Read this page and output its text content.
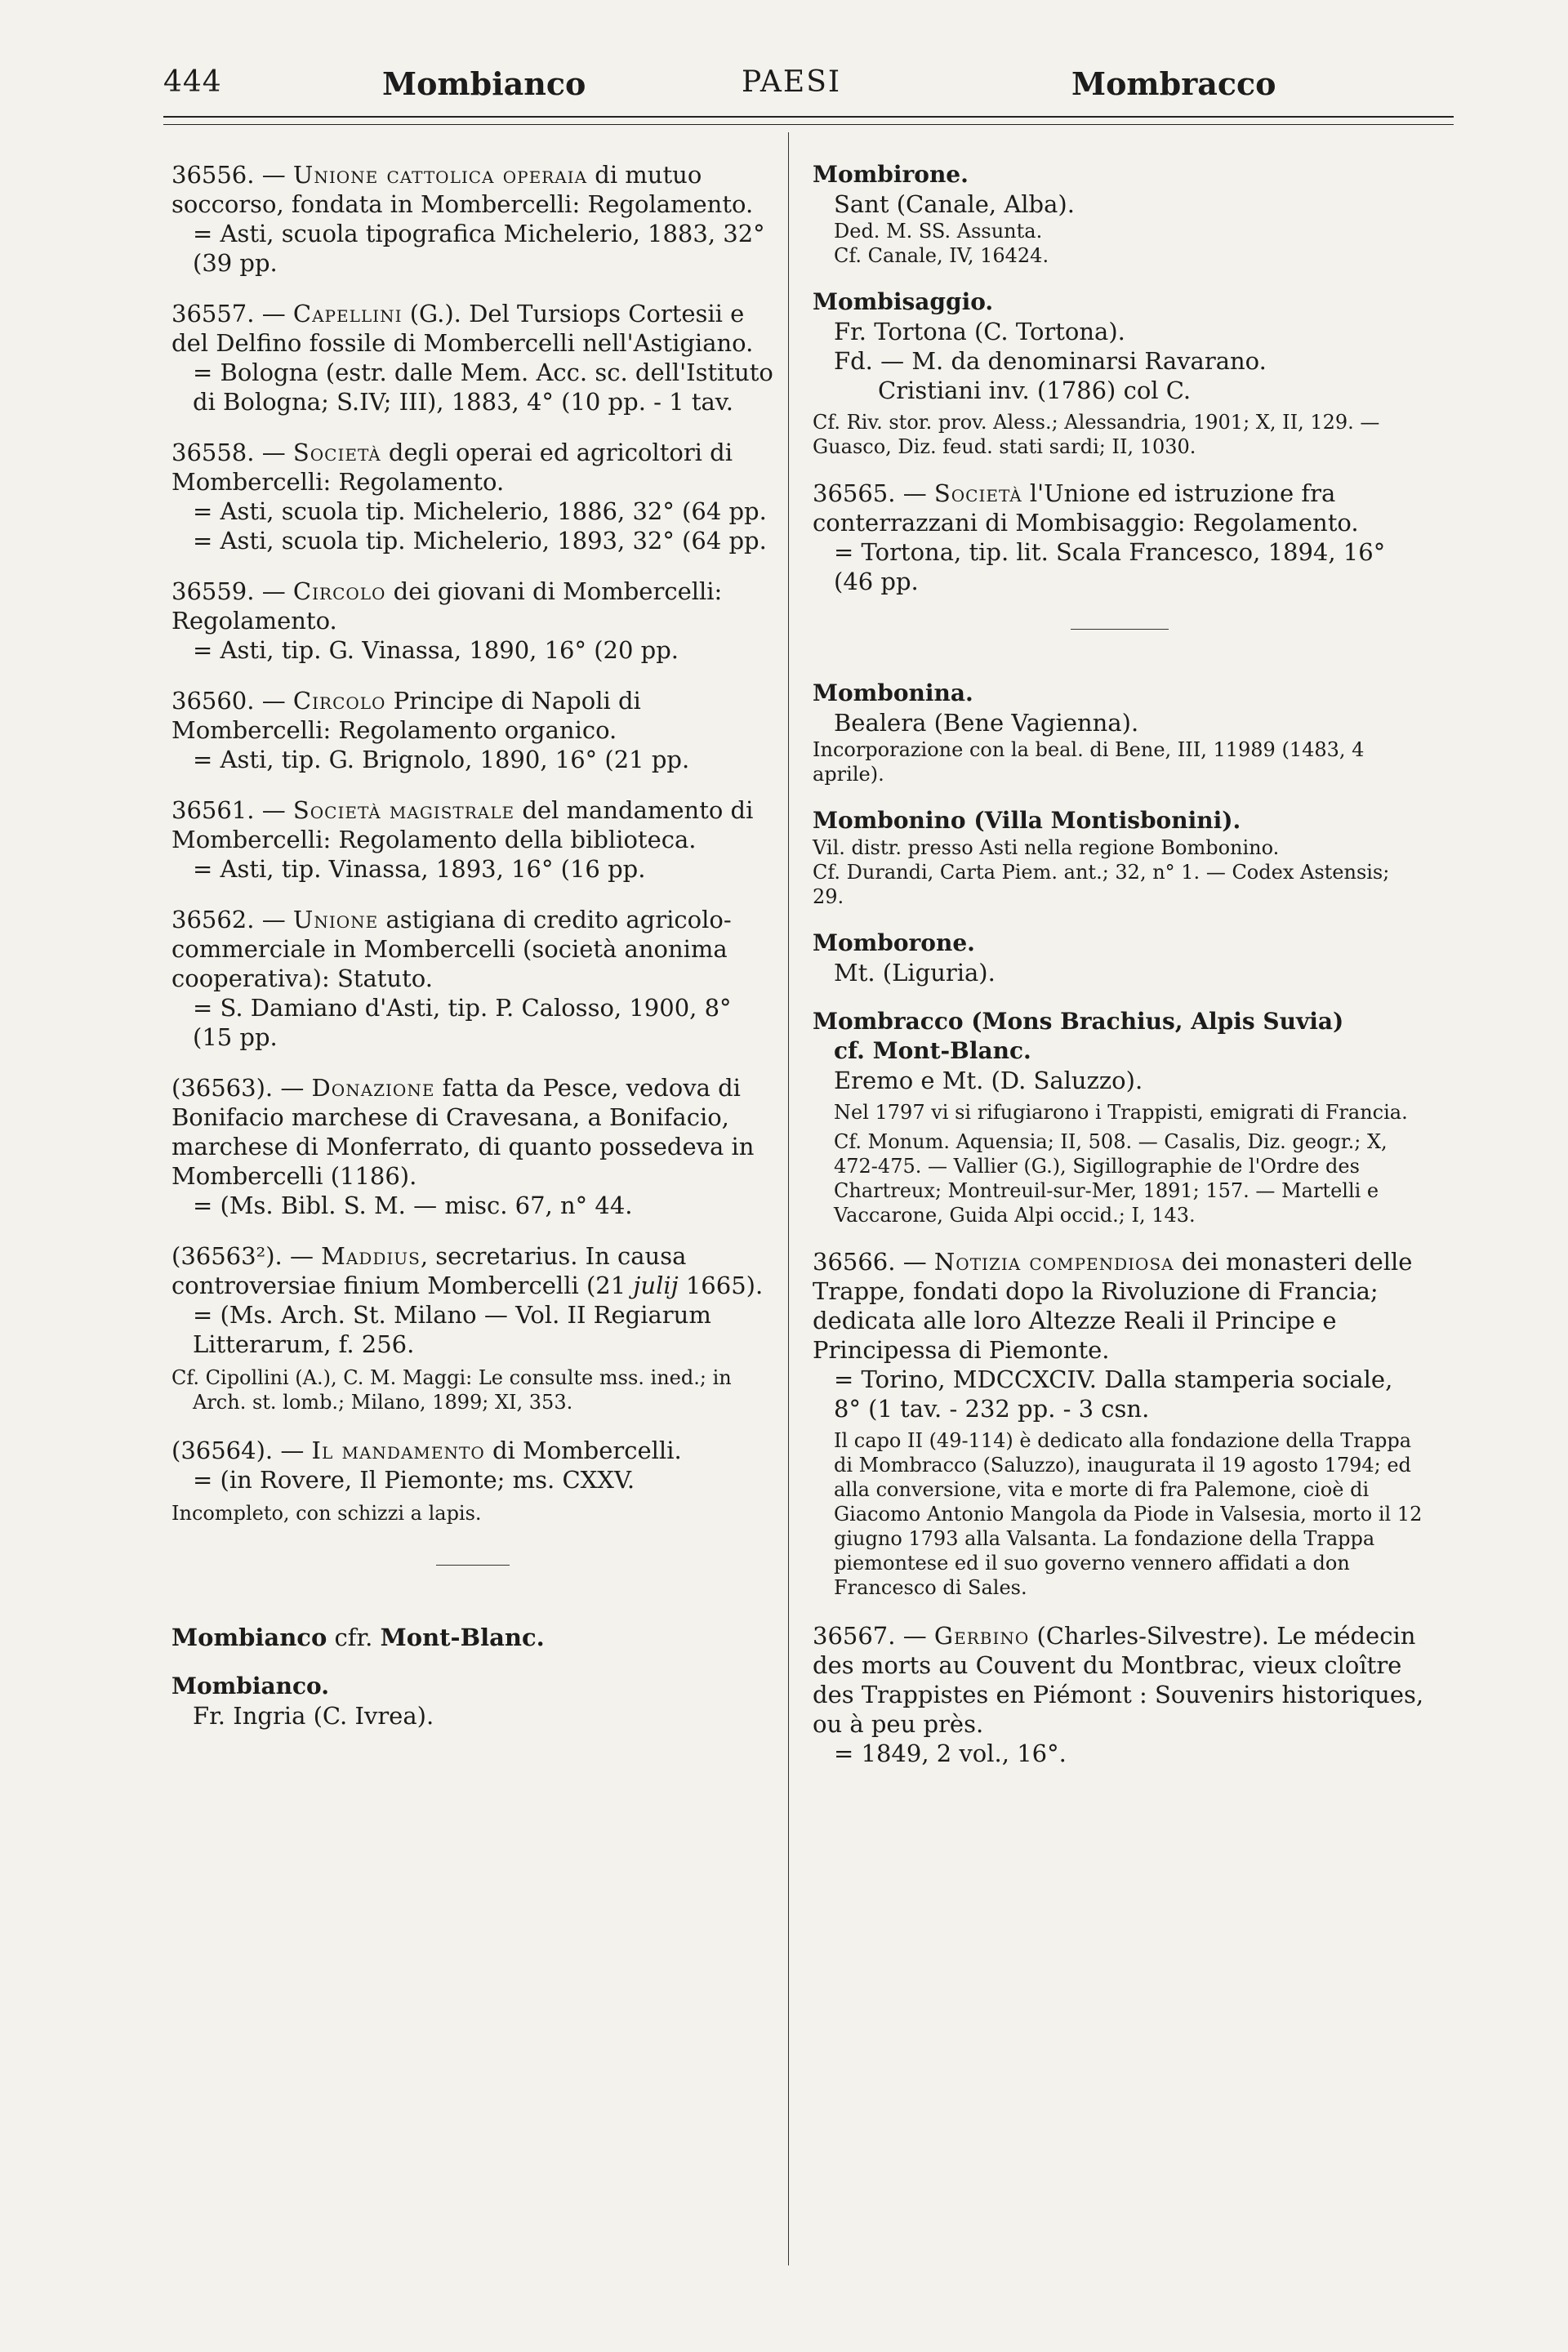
444	Mombianco	PAESI	Mombracco

36556. — Unione cattolica operaia di mutuo soccorso, fondata in Mombercelli: Regolamento.

= Asti, scuola tipografica Michelerio, 1883, 32° (39 pp.

36557. — Capellini (G.). Del Tursiops Cortesii e del Delfino fossile di Mombercelli nell'Astigiano.

= Bologna (estr. dalle Mem. Acc. sc. dell'Istituto di Bologna; S.IV; III), 1883, 4° (10 pp. - 1 tav.

36558. — Società degli operai ed agricoltori di Mombercelli: Regolamento.

= Asti, scuola tip. Michelerio, 1886, 32° (64 pp.

= Asti, scuola tip. Michelerio, 1893, 32° (64 pp.

36559. — Circolo dei giovani di Mombercelli: Regolamento.

= Asti, tip. G. Vinassa, 1890, 16° (20 pp.

36560. — Circolo Principe di Napoli di Mombercelli: Regolamento organico.

= Asti, tip. G. Brignolo, 1890, 16° (21 pp.

36561. — Società magistrale del mandamento di Mombercelli: Regolamento della biblioteca.

= Asti, tip. Vinassa, 1893, 16° (16 pp.

36562. — Unione astigiana di credito agricolo-commerciale in Mombercelli (società anonima cooperativa): Statuto.

= S. Damiano d'Asti, tip. P. Calosso, 1900, 8° (15 pp.

(36563). — Donazione fatta da Pesce, vedova di Bonifacio marchese di Cravesana, a Bonifacio, marchese di Monferrato, di quanto possedeva in Mombercelli (1186).

= (Ms. Bibl. S. M. — misc. 67, n° 44.

(36563²). — Maddius, secretarius. In causa controversiae finium Mombercelli (21 julij 1665).

= (Ms. Arch. St. Milano — Vol. II Regiarum Litterarum, f. 256.

Cf. Cipollini (A.), C. M. Maggi: Le consulte mss. ined.; in Arch. st. lomb.; Milano, 1899; XI, 353.

(36564). — Il mandamento di Mombercelli.

= (in Rovere, Il Piemonte; ms. CXXV.

Incompleto, con schizzi a lapis.

Mombianco cfr. Mont-Blanc.

Mombianco.

Fr. Ingria (C. Ivrea).

Mombirone.

Sant (Canale, Alba).

Ded. M. SS. Assunta.

Cf. Canale, IV, 16424.

Mombisaggio.

Fr. Tortona (C. Tortona).

Fd. — M. da denominarsi Ravarano.

Cristiani inv. (1786) col C.

Cf. Riv. stor. prov. Aless.; Alessandria, 1901; X, II, 129. — Guasco, Diz. feud. stati sardi; II, 1030.

36565. — Società l'Unione ed istruzione fra conterrazzani di Mombisaggio: Regolamento.

= Tortona, tip. lit. Scala Francesco, 1894, 16° (46 pp.

Mombonina.

Bealera (Bene Vagienna).

Incorporazione con la beal. di Bene, III, 11989 (1483, 4 aprile).

Mombonino (Villa Montisbonini).

Vil. distr. presso Asti nella regione Bombonino.

Cf. Durandi, Carta Piem. ant.; 32, n° 1. — Codex Astensis; 29.

Momborone.

Mt. (Liguria).

Mombracco (Mons Brachius, Alpis Suvia)

cf. Mont-Blanc.

Eremo e Mt. (D. Saluzzo).

Nel 1797 vi si rifugiarono i Trappisti, emigrati di Francia.

Cf. Monum. Aquensia; II, 508. — Casalis, Diz. geogr.; X, 472-475. — Vallier (G.), Sigillographie de l'Ordre des Chartreux; Montreuil-sur-Mer, 1891; 157. — Martelli e Vaccarone, Guida Alpi occid.; I, 143.

36566. — Notizia compendiosa dei monasteri delle Trappe, fondati dopo la Rivoluzione di Francia; dedicata alle loro Altezze Reali il Principe e Principessa di Piemonte.

= Torino, MDCCXCIV. Dalla stamperia sociale, 8° (1 tav. - 232 pp. - 3 csn.

Il capo II (49-114) è dedicato alla fondazione della Trappa di Mombracco (Saluzzo), inaugurata il 19 agosto 1794; ed alla conversione, vita e morte di fra Palemone, cioè di Giacomo Antonio Mangola da Piode in Valsesia, morto il 12 giugno 1793 alla Valsanta. La fondazione della Trappa piemontese ed il suo governo vennero affidati a don Francesco di Sales.

36567. — Gerbino (Charles-Silvestre). Le médecin des morts au Couvent du Montbrac, vieux cloître des Trappistes en Piémont : Souvenirs historiques, ou à peu près.

= 1849, 2 vol., 16°.
